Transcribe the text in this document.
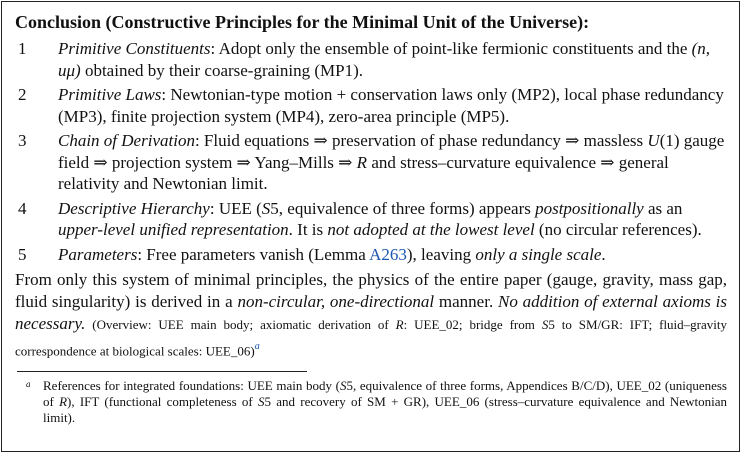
Conclusion (Constructive Principles for the Minimal Unit of the Universe):
1 Primitive Constituents: Adopt only the ensemble of point-like fermionic constituents and the (n, uμ) obtained by their coarse-graining (MP1).
2 Primitive Laws: Newtonian-type motion + conservation laws only (MP2), local phase redundancy (MP3), finite projection system (MP4), zero-area principle (MP5).
3 Chain of Derivation: Fluid equations ⇒ preservation of phase redundancy ⇒ massless U(1) gauge field ⇒ projection system ⇒ Yang–Mills ⇒ R and stress–curvature equivalence ⇒ general relativity and Newtonian limit.
4 Descriptive Hierarchy: UEE (S5, equivalence of three forms) appears postpositionally as an upper-level unified representation. It is not adopted at the lowest level (no circular references).
5 Parameters: Free parameters vanish (Lemma A263), leaving only a single scale.
From only this system of minimal principles, the physics of the entire paper (gauge, gravity, mass gap, fluid singularity) is derived in a non-circular, one-directional manner. No addition of external axioms is necessary. (Overview: UEE main body; axiomatic derivation of R: UEE_02; bridge from S5 to SM/GR: IFT; fluid–gravity correspondence at biological scales: UEE_06)$^a$
a References for integrated foundations: UEE main body (S5, equivalence of three forms, Appendices B/C/D), UEE_02 (uniqueness of R), IFT (functional completeness of S5 and recovery of SM + GR), UEE_06 (stress–curvature equivalence and Newtonian limit).
